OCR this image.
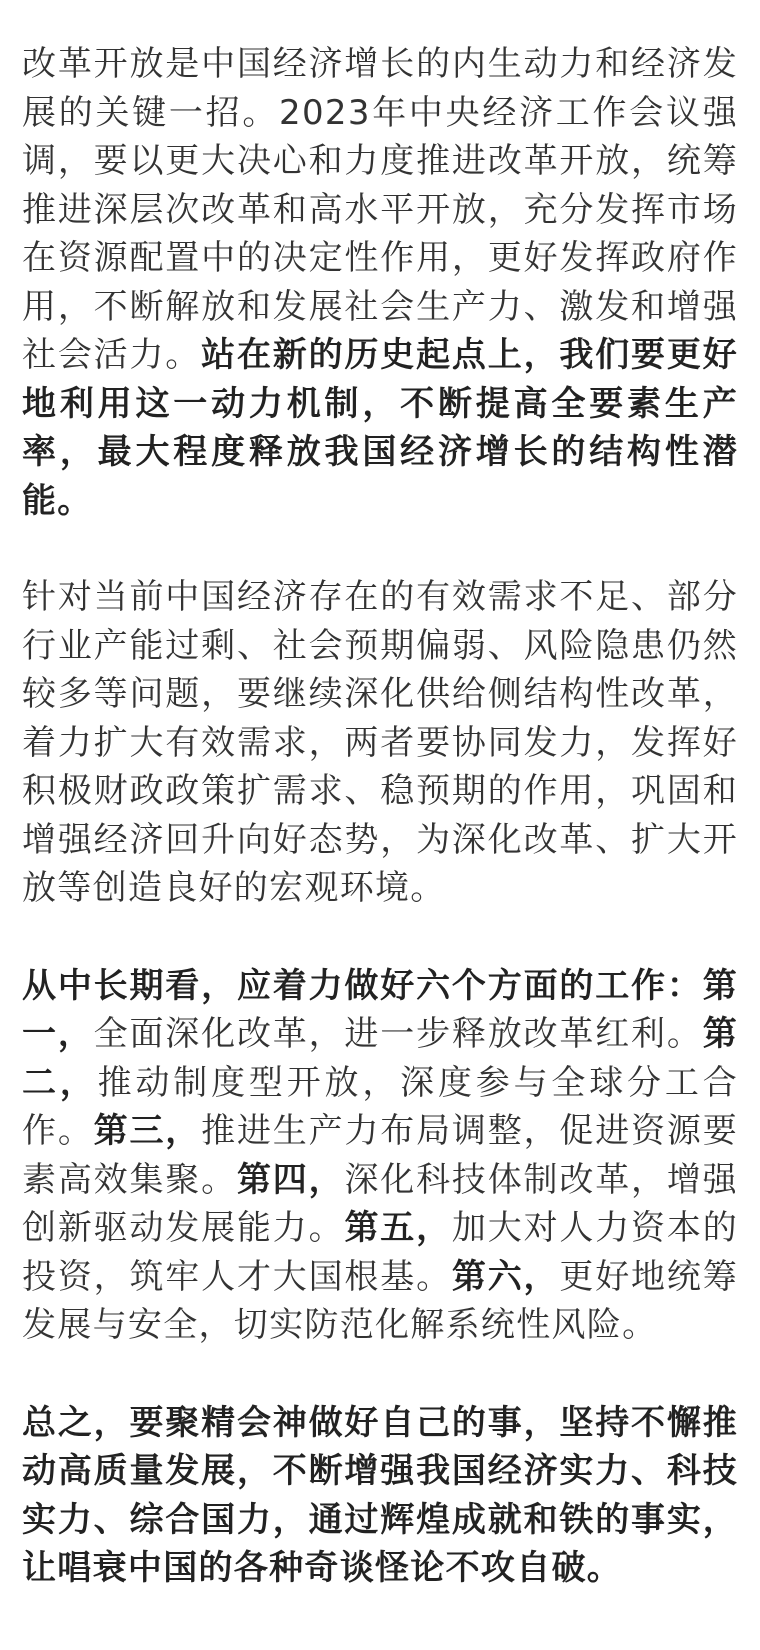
改革开放是中国经济增长的内生动力和经济发展的关键一招。2023年中央经济工作会议强调，要以更大决心和力度推进改革开放，统筹推进深层次改革和高水平开放，充分发挥市场在资源配置中的决定性作用，更好发挥政府作用，不断解放和发展社会生产力、激发和增强社会活力。站在新的历史起点上，我们要更好地利用这一动力机制，不断提高全要素生产率，最大程度释放我国经济增长的结构性潜能。

针对当前中国经济存在的有效需求不足、部分行业产能过剩、社会预期偏弱、风险隐患仍然较多等问题，要继续深化供给侧结构性改革，着力扩大有效需求，两者要协同发力，发挥好积极财政政策扩需求、稳预期的作用，巩固和增强经济回升向好态势，为深化改革、扩大开放等创造良好的宏观环境。

从中长期看，应着力做好六个方面的工作：第一，全面深化改革，进一步释放改革红利。第二，推动制度型开放，深度参与全球分工合作。第三，推进生产力布局调整，促进资源要素高效集聚。第四，深化科技体制改革，增强创新驱动发展能力。第五，加大对人力资本的投资，筑牢人才大国根基。第六，更好地统筹发展与安全，切实防范化解系统性风险。

总之，要聚精会神做好自己的事，坚持不懈推动高质量发展，不断增强我国经济实力、科技实力、综合国力，通过辉煌成就和铁的事实，让唱衰中国的各种奇谈怪论不攻自破。
